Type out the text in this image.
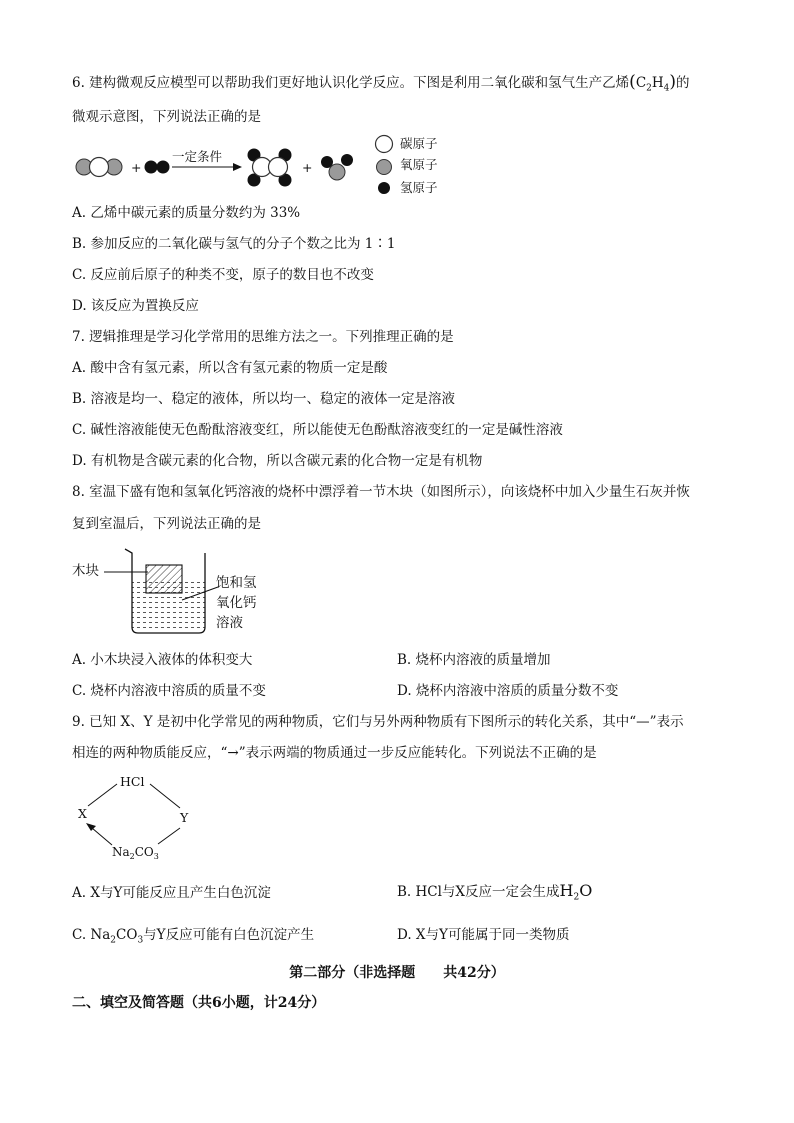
6. 建构微观反应模型可以帮助我们更好地认识化学反应。下图是利用二氧化碳和氢气生产乙烯$(C_2H_4)$的
微观示意图，下列说法正确的是
+
一定条件
+
碳原子
氧原子
氢原子
A. 乙烯中碳元素的质量分数约为 33%
B. 参加反应的二氧化碳与氢气的分子个数之比为 1∶1
C. 反应前后原子的种类不变，原子的数目也不改变
D. 该反应为置换反应
7. 逻辑推理是学习化学常用的思维方法之一。下列推理正确的是
A. 酸中含有氢元素，所以含有氢元素的物质一定是酸
B. 溶液是均一、稳定的液体，所以均一、稳定的液体一定是溶液
C. 碱性溶液能使无色酚酞溶液变红，所以能使无色酚酞溶液变红的一定是碱性溶液
D. 有机物是含碳元素的化合物，所以含碳元素的化合物一定是有机物
8. 室温下盛有饱和氢氧化钙溶液的烧杯中漂浮着一节木块（如图所示），向该烧杯中加入少量生石灰并恢
复到室温后，下列说法正确的是
木块
饱和氢
氧化钙
溶液
A. 小木块浸入液体的体积变大	B. 烧杯内溶液的质量增加
C. 烧杯内溶液中溶质的质量不变	D. 烧杯内溶液中溶质的质量分数不变
9. 已知 X、Y 是初中化学常见的两种物质，它们与另外两种物质有下图所示的转化关系，其中“—”表示
相连的两种物质能反应，“→”表示两端的物质通过一步反应能转化。下列说法不正确的是
HCl
X	Y
$Na_2CO_3$
A. X与Y可能反应且产生白色沉淀	B. HCl与X反应一定会生成$H_2O$
C. $Na_2CO_3$与Y反应可能有白色沉淀产生	D. X与Y可能属于同一类物质
第二部分（非选择题　　共42分）
二、填空及简答题（共6小题，计24分）
